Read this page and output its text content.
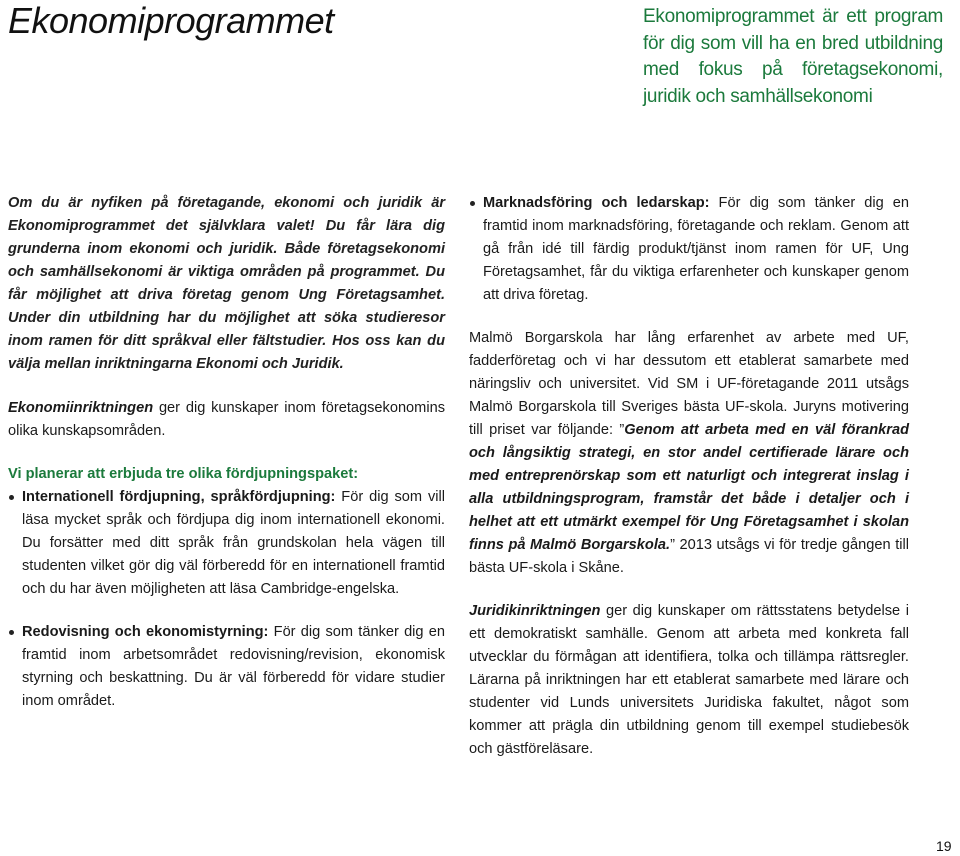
Ekonomiprogrammet	Ekonomiprogrammet är ett program för dig som vill ha en bred utbildning med fokus på företagsekonomi, juridik och samhällsekonomi

Om du är nyfiken på företagande, ekonomi och juridik är Ekonomiprogrammet det självklara valet! Du får lära dig grunderna inom ekonomi och juridik. Både företagsekonomi och samhällsekonomi är viktiga områden på programmet. Du får möjlighet att driva företag genom Ung Företagsamhet. Under din utbildning har du möjlighet att söka studieresor inom ramen för ditt språkval eller fältstudier. Hos oss kan du välja mellan inriktningarna Ekonomi och Juridik.

Ekonomiinriktningen ger dig kunskaper inom företagsekonomins olika kunskapsområden.

Vi planerar att erbjuda tre olika fördjupningspaket:

Internationell fördjupning, språkfördjupning: För dig som vill läsa mycket språk och fördjupa dig inom internationell ekonomi. Du forsätter med ditt språk från grundskolan hela vägen till studenten vilket gör dig väl förberedd för en internationell framtid och du har även möjligheten att läsa Cambridge-engelska.
Redovisning och ekonomistyrning: För dig som tänker dig en framtid inom arbetsområdet redovisning/revision, ekonomisk styrning och beskattning. Du är väl förberedd för vidare studier inom området.
Marknadsföring och ledarskap: För dig som tänker dig en framtid inom marknadsföring, företagande och reklam. Genom att gå från idé till färdig produkt/tjänst inom ramen för UF, Ung Företagsamhet, får du viktiga erfarenheter och kunskaper genom att driva företag.

Malmö Borgarskola har lång erfarenhet av arbete med UF, fadderföretag och vi har dessutom ett etablerat samarbete med näringsliv och universitet. Vid SM i UF-företagande 2011 utsågs Malmö Borgarskola till Sveriges bästa UF-skola. Juryns motivering till priset var följande: ”Genom att arbeta med en väl förankrad och långsiktig strategi, en stor andel certifierade lärare och med entreprenörskap som ett naturligt och integrerat inslag i alla utbildningsprogram, framstår det både i detaljer och i helhet att ett utmärkt exempel för Ung Företagsamhet i skolan finns på Malmö Borgarskola.” 2013 utsågs vi för tredje gången till bästa UF-skola i Skåne.

Juridikinriktningen ger dig kunskaper om rättsstatens betydelse i ett demokratiskt samhälle. Genom att arbeta med konkreta fall utvecklar du förmågan att identifiera, tolka och tillämpa rättsregler. Lärarna på inriktningen har ett etablerat samarbete med lärare och studenter vid Lunds universitets Juridiska fakultet, något som kommer att prägla din utbildning genom till exempel studiebesök och gästföreläsare.

19
